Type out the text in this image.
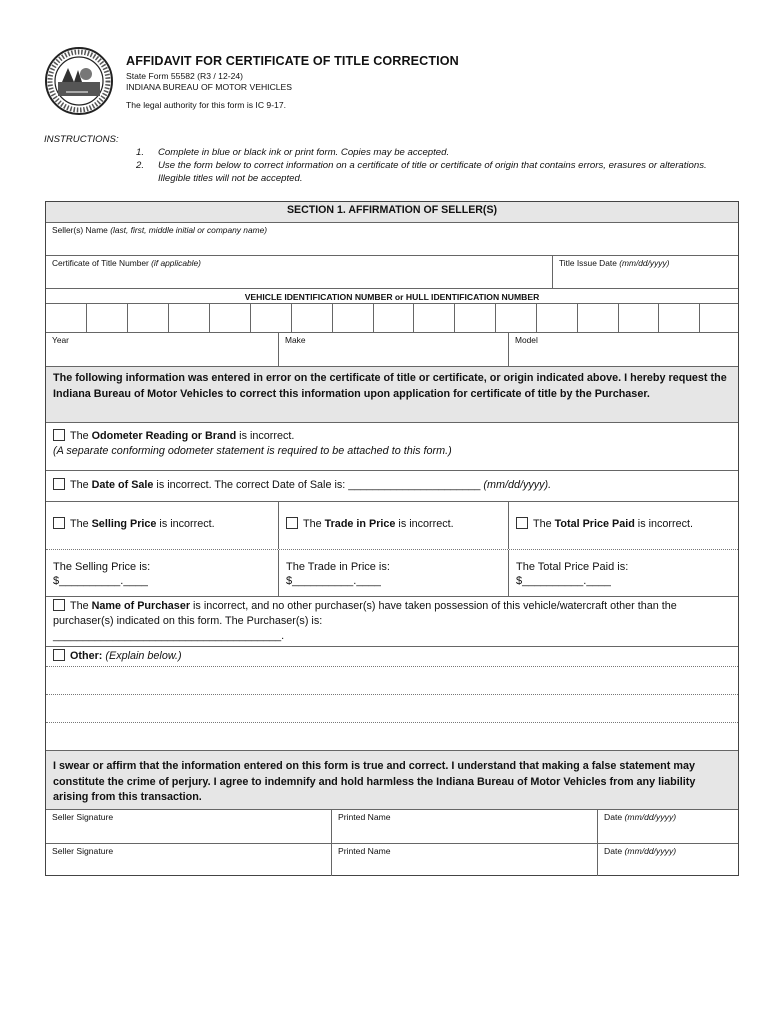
AFFIDAVIT FOR CERTIFICATE OF TITLE CORRECTION
State Form 55582 (R3 / 12-24)
INDIANA BUREAU OF MOTOR VEHICLES
The legal authority for this form is IC 9-17.
INSTRUCTIONS:
1.	Complete in blue or black ink or print form. Copies may be accepted.
2.	Use the form below to correct information on a certificate of title or certificate of origin that contains errors, erasures or alterations. Illegible titles will not be accepted.
SECTION 1. AFFIRMATION OF SELLER(S)
Seller(s) Name (last, first, middle initial or company name)
Certificate of Title Number (if applicable)	Title Issue Date (mm/dd/yyyy)
VEHICLE IDENTIFICATION NUMBER or HULL IDENTIFICATION NUMBER
Year	Make	Model
The following information was entered in error on the certificate of title or certificate, or origin indicated above. I hereby request the Indiana Bureau of Motor Vehicles to correct this information upon application for certificate of title by the Purchaser.
The Odometer Reading or Brand is incorrect.
(A separate conforming odometer statement is required to be attached to this form.)
The Date of Sale is incorrect. The correct Date of Sale is: ______________________ (mm/dd/yyyy).
The Selling Price is incorrect.	The Trade in Price is incorrect.	The Total Price Paid is incorrect.
The Selling Price is:
$__________.____
The Trade in Price is:
$__________.____
The Total Price Paid is:
$__________.____
The Name of Purchaser is incorrect, and no other purchaser(s) have taken possession of this vehicle/watercraft other than the purchaser(s) indicated on this form. The Purchaser(s) is:
______________________________________.
Other: (Explain below.)
I swear or affirm that the information entered on this form is true and correct. I understand that making a false statement may constitute the crime of perjury. I agree to indemnify and hold harmless the Indiana Bureau of Motor Vehicles from any liability arising from this transaction.
Seller Signature	Printed Name	Date (mm/dd/yyyy)
Seller Signature	Printed Name	Date (mm/dd/yyyy)
